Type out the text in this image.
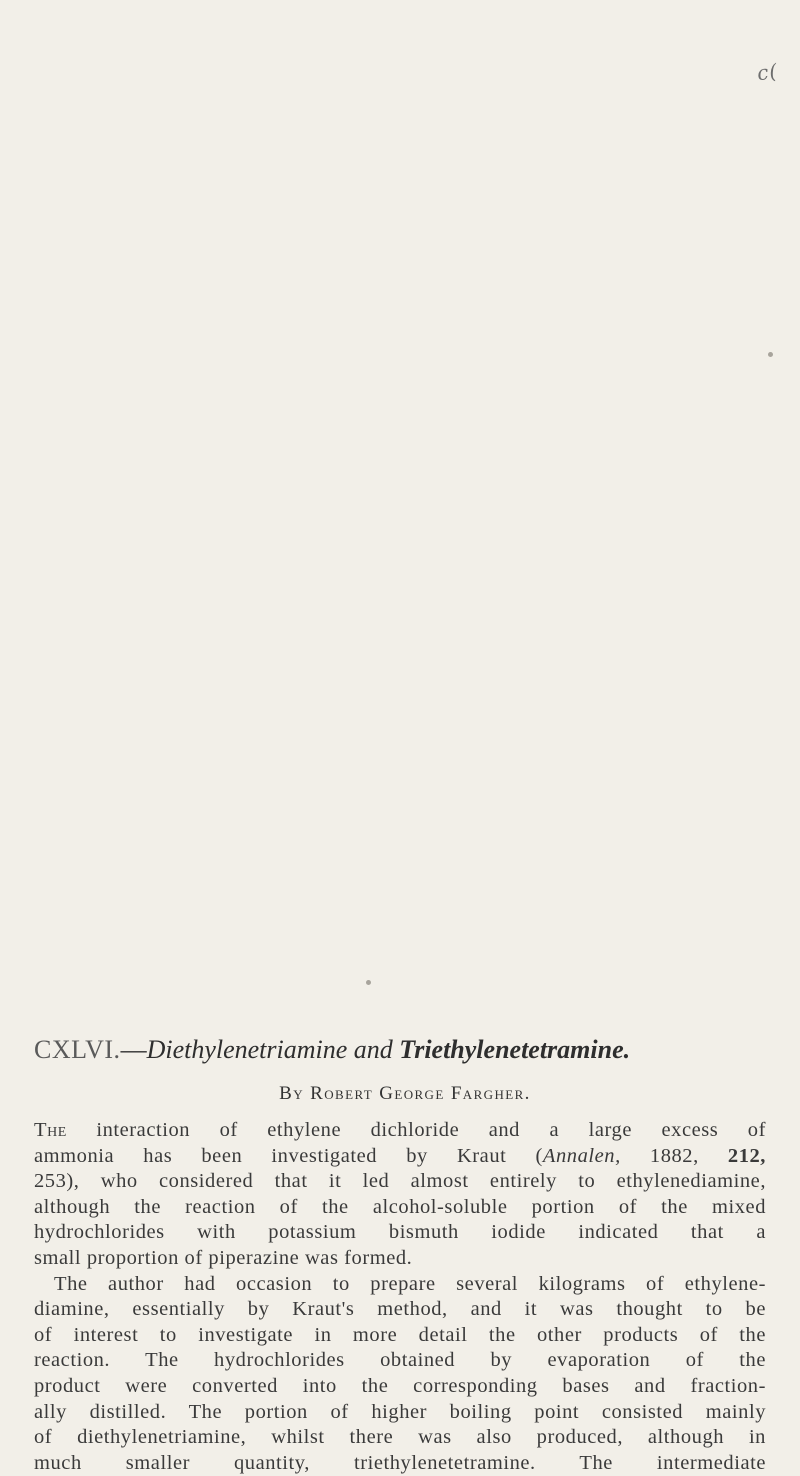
c(
CXLVI.—Diethylenetriamine and Triethylenetetramine.
By Robert George Fargher.
The interaction of ethylene dichloride and a large excess of
ammonia has been investigated by Kraut (Annalen, 1882, 212,
253), who considered that it led almost entirely to ethylenediamine,
although the reaction of the alcohol-soluble portion of the mixed
hydrochlorides with potassium bismuth iodide indicated that a
small proportion of piperazine was formed.
The author had occasion to prepare several kilograms of ethylene-
diamine, essentially by Kraut's method, and it was thought to be
of interest to investigate in more detail the other products of the
reaction. The hydrochlorides obtained by evaporation of the
product were converted into the corresponding bases and fraction-
ally distilled. The portion of higher boiling point consisted mainly
of diethylenetriamine, whilst there was also produced, although in
much smaller quantity, triethylenetetramine. The intermediate
